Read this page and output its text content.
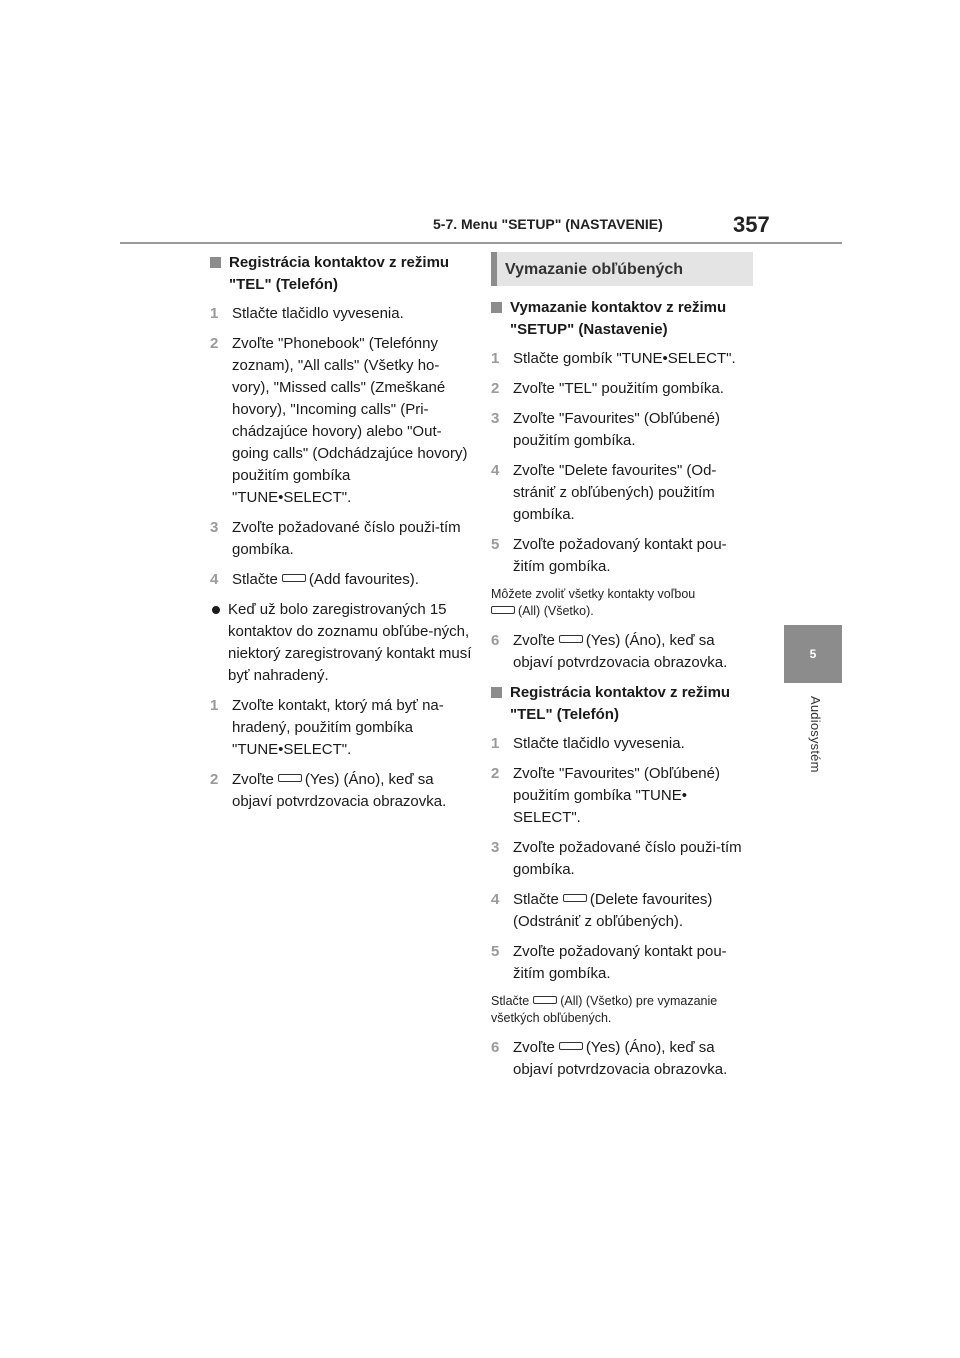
5-7. Menu "SETUP" (NASTAVENIE)	357
5
Audiosystém
Registrácia kontaktov z režimu "TEL" (Telefón)
1 Stlačte tlačidlo vyvesenia.
2 Zvoľte "Phonebook" (Telefónny zoznam), "All calls" (Všetky ho-vory), "Missed calls" (Zmeškané hovory), "Incoming calls" (Pri-chádzajúce hovory) alebo "Out-going calls" (Odchádzajúce hovory) použitím gombíka "TUNE•SELECT".
3 Zvoľte požadované číslo použi-tím gombíka.
4 Stlačte (Add favourites).
Keď už bolo zaregistrovaných 15 kontaktov do zoznamu obľúbe-ných, niektorý zaregistrovaný kontakt musí byť nahradený.
1 Zvoľte kontakt, ktorý má byť na-hradený, použitím gombíka "TUNE•SELECT".
2 Zvoľte (Yes) (Áno), keď sa objaví potvrdzovacia obrazovka.
Vymazanie obľúbených
Vymazanie kontaktov z režimu "SETUP" (Nastavenie)
1 Stlačte gombík "TUNE•SELECT".
2 Zvoľte "TEL" použitím gombíka.
3 Zvoľte "Favourites" (Obľúbené) použitím gombíka.
4 Zvoľte "Delete favourites" (Od-strániť z obľúbených) použitím gombíka.
5 Zvoľte požadovaný kontakt pou-žitím gombíka.
Môžete zvoliť všetky kontakty voľbou
(All) (Všetko).
6 Zvoľte (Yes) (Áno), keď sa objaví potvrdzovacia obrazovka.
Registrácia kontaktov z režimu "TEL" (Telefón)
1 Stlačte tlačidlo vyvesenia.
2 Zvoľte "Favourites" (Obľúbené) použitím gombíka "TUNE• SELECT".
3 Zvoľte požadované číslo použi-tím gombíka.
4 Stlačte (Delete favourites) (Odstrániť z obľúbených).
5 Zvoľte požadovaný kontakt pou-žitím gombíka.
Stlačte (All) (Všetko) pre vymazanie všetkých obľúbených.
6 Zvoľte (Yes) (Áno), keď sa objaví potvrdzovacia obrazovka.
